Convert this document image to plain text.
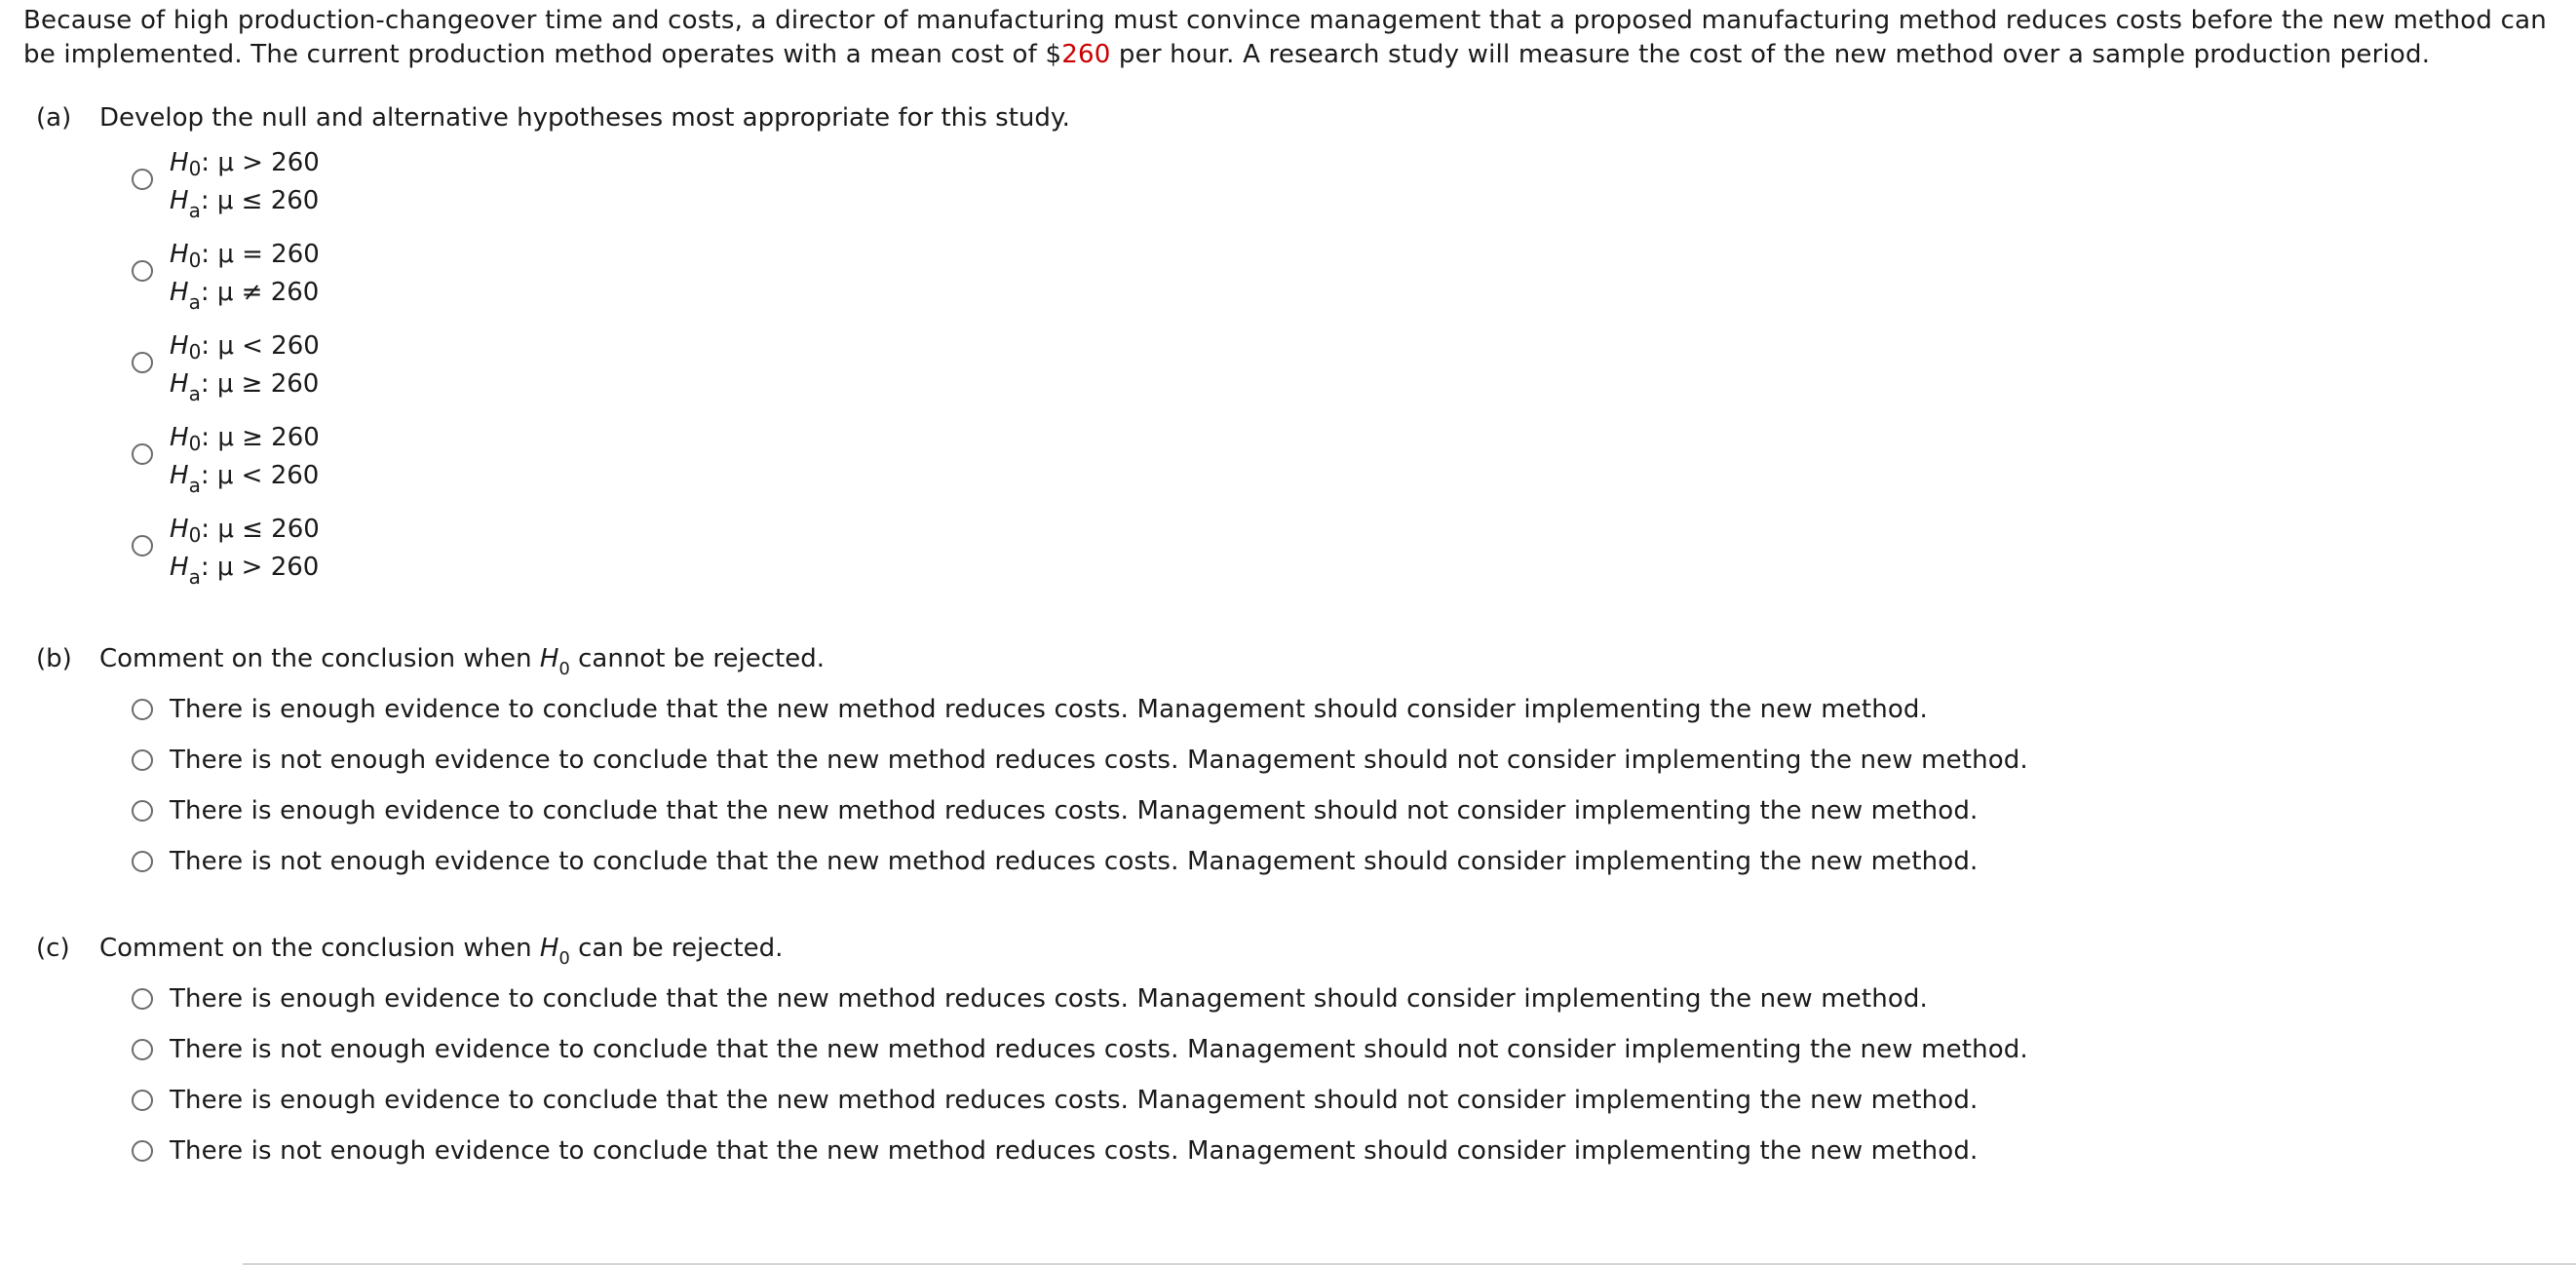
Because of high production-changeover time and costs, a director of manufacturing must convince management that a proposed manufacturing method reduces costs before the new method can be implemented. The current production method operates with a mean cost of $260 per hour. A research study will measure the cost of the new method over a sample production period.
(a) Develop the null and alternative hypotheses most appropriate for this study.
H0: μ > 260
$H_a$: μ ≤ 260
H0: μ = 260
$H_a$: μ ≠ 260
H0: μ < 260
$H_a$: μ ≥ 260
H0: μ ≥ 260
$H_a$: μ < 260
H0: μ ≤ 260
$H_a$: μ > 260
(b) Comment on the conclusion when $H_0$ cannot be rejected.
There is enough evidence to conclude that the new method reduces costs. Management should consider implementing the new method.
There is not enough evidence to conclude that the new method reduces costs. Management should not consider implementing the new method.
There is enough evidence to conclude that the new method reduces costs. Management should not consider implementing the new method.
There is not enough evidence to conclude that the new method reduces costs. Management should consider implementing the new method.
(c) Comment on the conclusion when $H_0$ can be rejected.
There is enough evidence to conclude that the new method reduces costs. Management should consider implementing the new method.
There is not enough evidence to conclude that the new method reduces costs. Management should not consider implementing the new method.
There is enough evidence to conclude that the new method reduces costs. Management should not consider implementing the new method.
There is not enough evidence to conclude that the new method reduces costs. Management should consider implementing the new method.
